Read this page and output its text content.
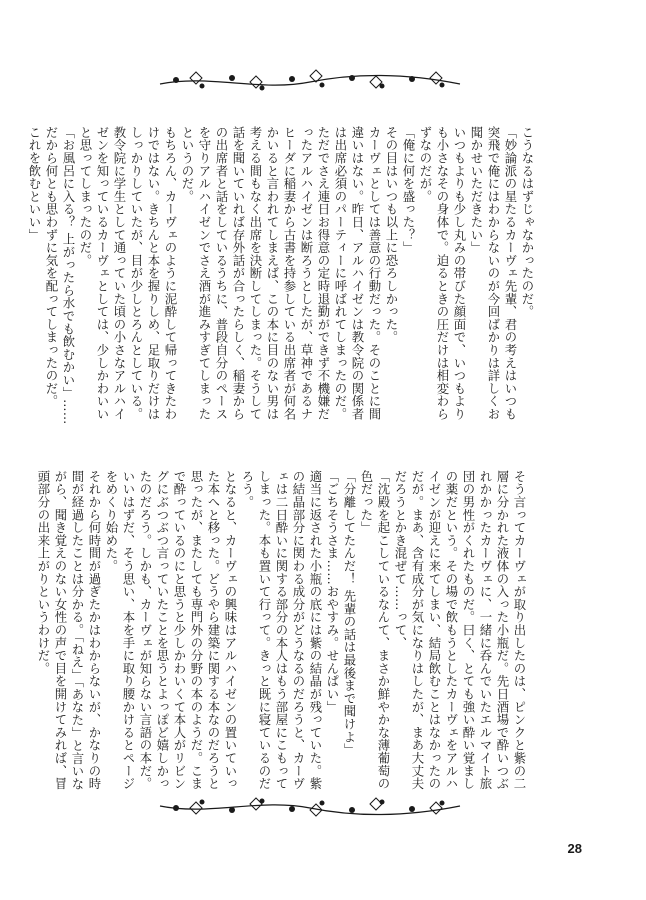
こうなるはずじゃなかったのだ。

「妙論派の星たるカーヴェ先輩、君の考えはいつも突飛で俺にはわからないのが今回ばかりは詳しくお聞かせいただきたい」

いつもよりも少し丸みの帯びた顔面で、いつもよりも小さなその身体で。迫るときの圧だけは相変わらずなのだが。

「俺に何を盛った？」

その目はいつも以上に恐ろしかった。

カーヴェとしては善意の行動だった。そのことに間違いはない。昨日、アルハイゼンは教令院の関係者は出席必須のパーティーに呼ばれてしまったのだ。ただでさえ連日お得意の定時退勤ができず不機嫌だったアルハイゼンは断ろうとしたが、草神であるナヒーダに稲妻から古書を持参している出席者が何名かいると言われてしまえば、この本に目のない男は考える間もなく出席を決断してしまった。そうして話を聞いていれば存外話が合ったらしく、稲妻からの出席者と話をしているうちに、普段自分のペースを守りアルハイゼンでさえ酒が進みすぎてしまったというのだ。

もちろん、カーヴェのように泥酔して帰ってきたわけではない。きちんと本を握りしめ、足取りだけはしっかりしていたが、目が少しとろんとしている。教令院に学生として通っていた頃の小さなアルハイゼンを知っているカーヴェとしては、少しかわいいと思ってしまったのだ。

「お風呂に入る？ 上がったら水でも飲むかい」……だから何とも思わずに気を配ってしまったのだ。

これを飲むといい」

そう言ってカーヴェが取り出したのは、ピンクと紫の二層に分かれた液体の入った小瓶だ。先日酒場で酔いつぶれかかったカーヴェに、一緒に呑んでいたエルマイト旅団の男性がくれたものだ。曰く、とても強い酔い覚ましの薬だという。その場で飲もうとしたカーヴェをアルハイゼンが迎えに来てしまい、結局飲むことはなかったのだが。まあ、含有成分が気になりはしたが、まあ大丈夫だろうとかき混ぜて……って、

「沈殿を起こしているなんて、まさか鮮やかな薄葡萄の色だった」

「分離してたんだ！ 先輩の話は最後まで聞けよ」

「ごちそうさま……おやすみ。せんぱい」

適当に返された小瓶の底には紫の結晶が残っていた。紫の結晶部分に関わる成分がどうなるのだろうと、カーヴェは二日酔いに関する部分の本人はもう部屋にこもってしまった。本も置いて行って。きっと既に寝ているのだろう。

となると、カーヴェの興味はアルハイゼンの置いていった本へと移った。どうやら建築に関する本なのだろうと思ったが、またしても専門外の分野の本のようだ。こまで酔っているのにと思うと少しかわいくて本人がリビングにぶつぶつ言っていたことを思うとよっぽど嬉しかったのだろう。しかも、カーヴェが知らない言語の本だ。いいはずだ、そう思い、本を手に取り腰かけるとページをめくり始めた。

それから何時間が過ぎたかはわからないが、かなりの時間が経過したことは分かる。「ねえ」「あなた」と言いながら、聞き覚えのない女性の声で目を開けてみれば、冒頭部分の出来上がりというわけだ。

28
